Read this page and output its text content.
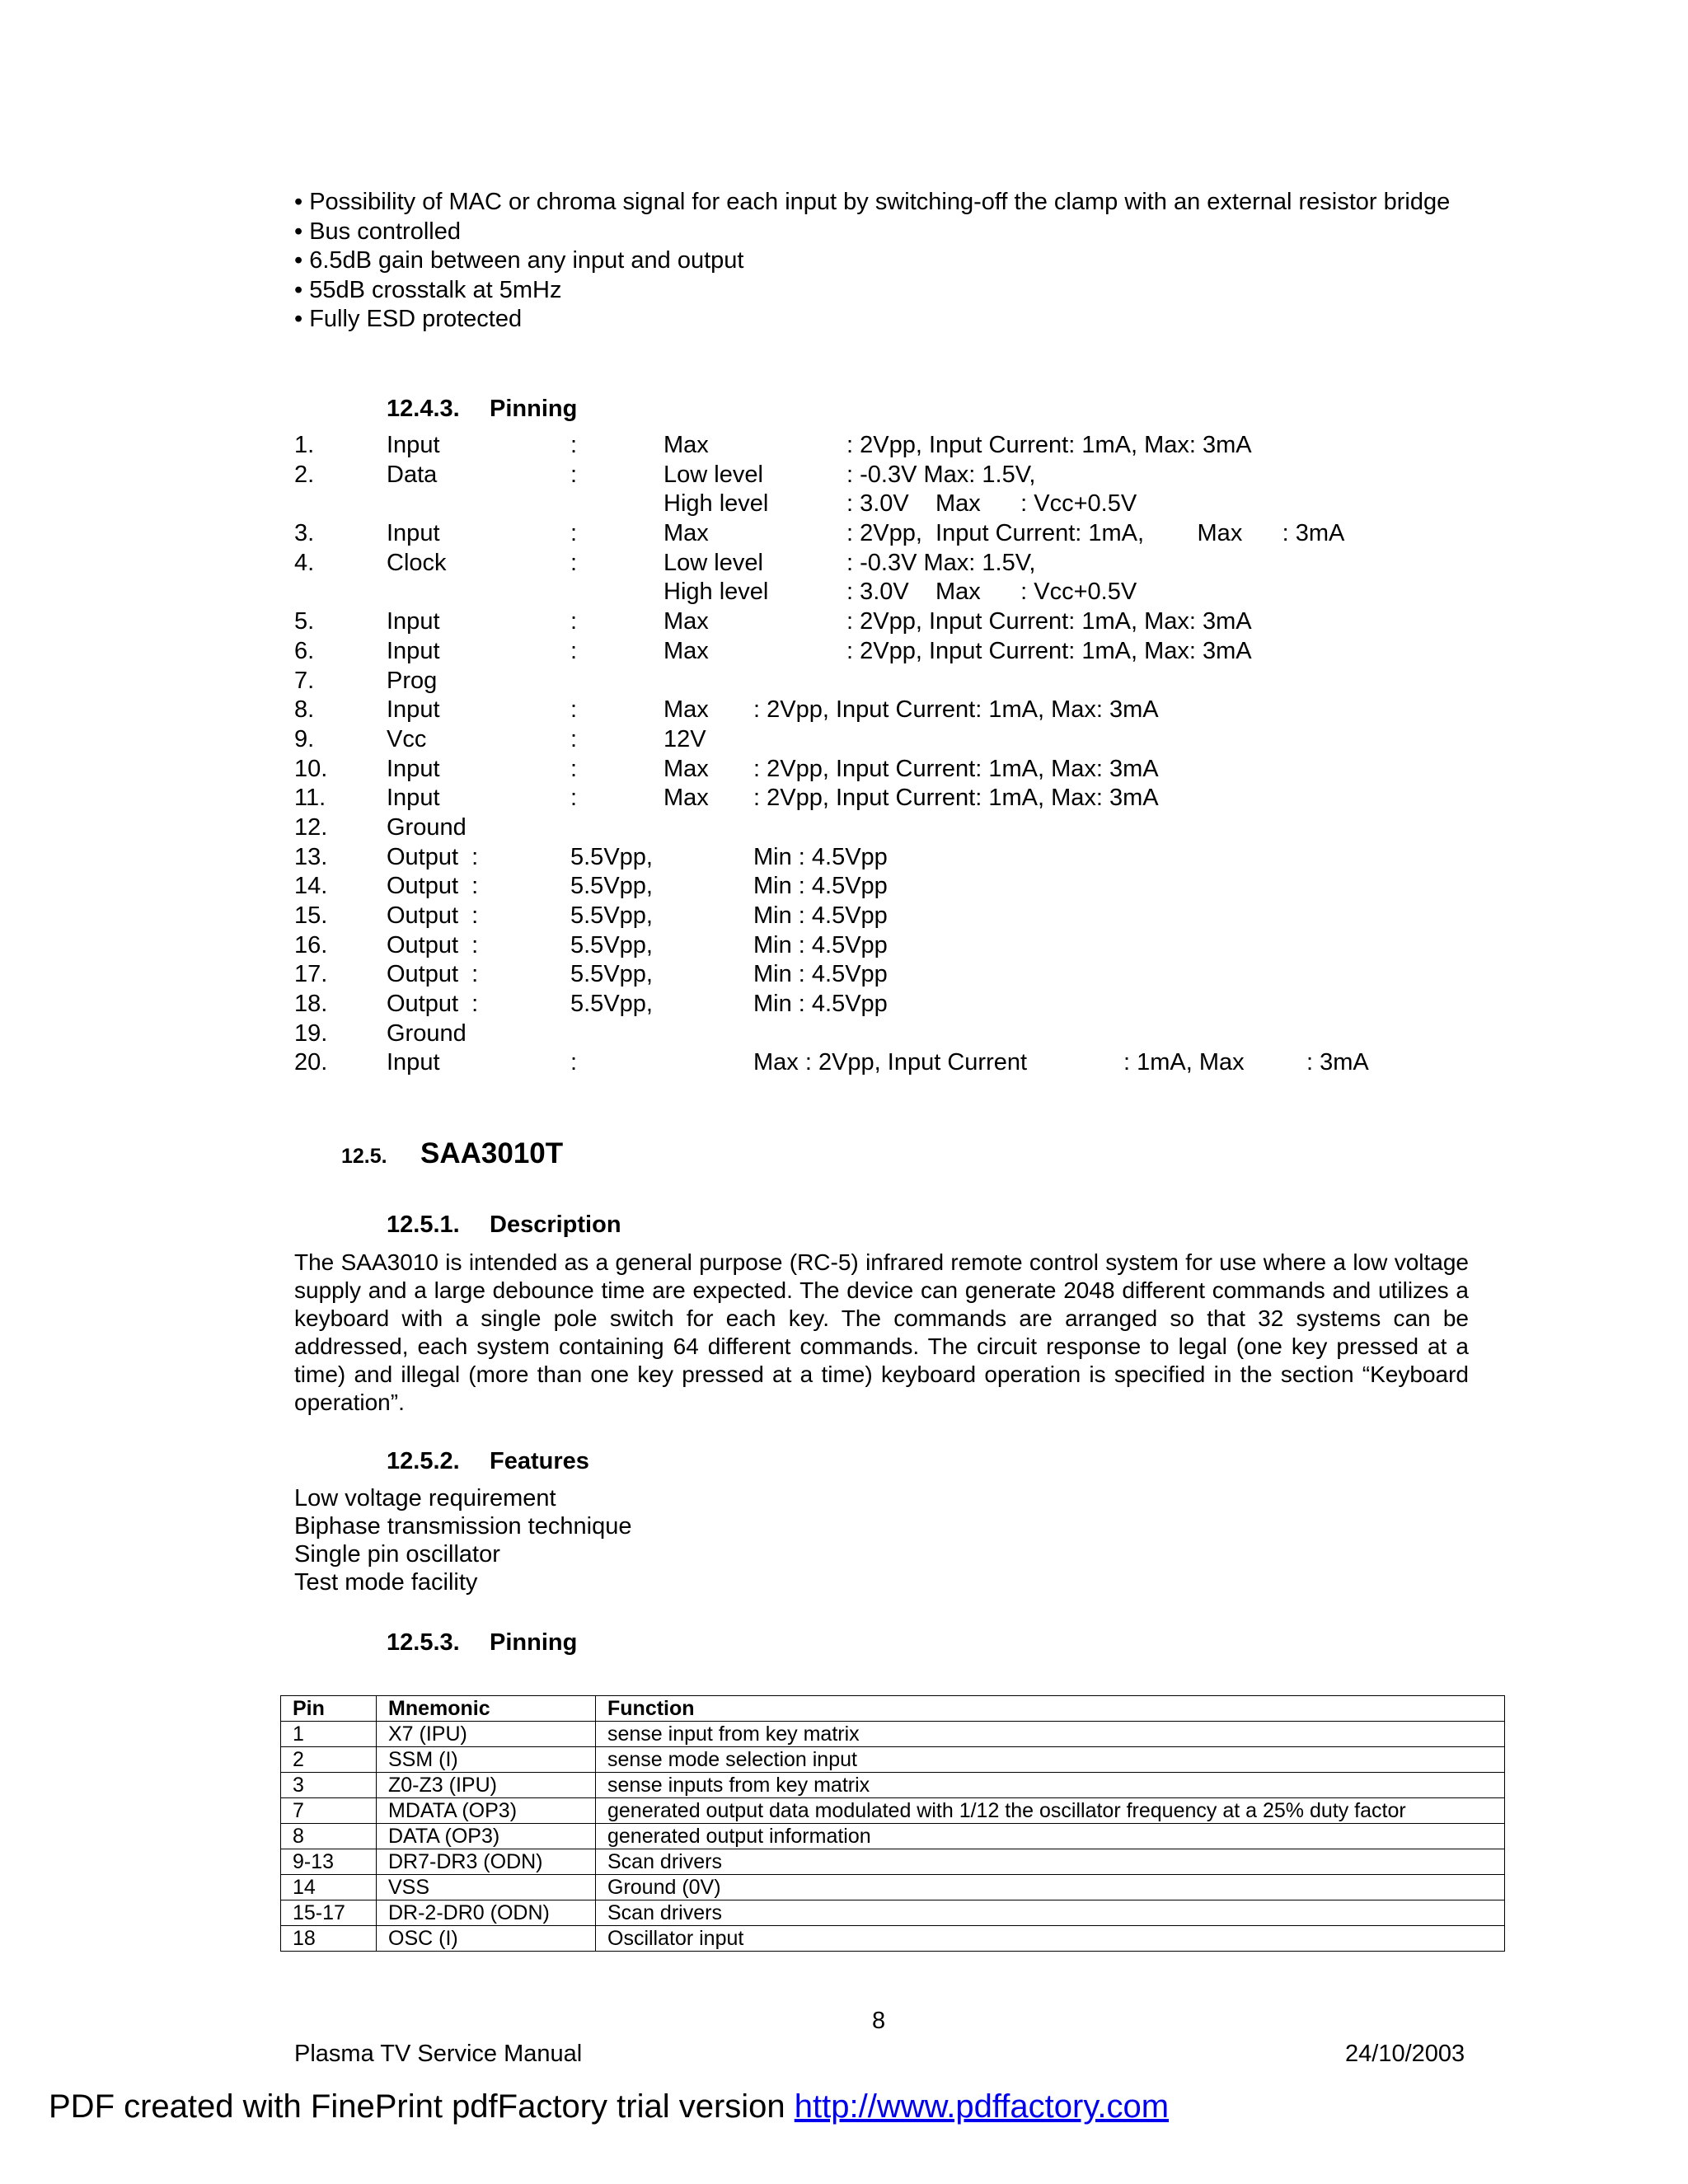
• Possibility of MAC or chroma signal for each input by switching-off the clamp with an external resistor bridge
• Bus controlled
• 6.5dB gain between any input and output
• 55dB crosstalk at 5mHz
• Fully ESD protected
12.4.3. Pinning
1.	Input	:	Max	: 2Vpp, Input Current: 1mA, Max: 3mA
2.	Data	:	Low level	: -0.3V Max: 1.5V,
High level	: 3.0V    Max      : Vcc+0.5V
3.	Input	:	Max	: 2Vpp,  Input Current: 1mA,        Max      : 3mA
4.	Clock	:	Low level	: -0.3V Max: 1.5V,
High level	: 3.0V    Max      : Vcc+0.5V
5.	Input	:	Max	: 2Vpp, Input Current: 1mA, Max: 3mA
6.	Input	:	Max	: 2Vpp, Input Current: 1mA, Max: 3mA
7.	Prog
8.	Input	:	Max : 2Vpp, Input Current: 1mA, Max: 3mA
9.	Vcc	:	12V
10. Input	:	Max : 2Vpp, Input Current: 1mA, Max: 3mA
11.	Input	:	Max : 2Vpp, Input Current: 1mA, Max: 3mA
12. Ground
13. Output  :	5.5Vpp,	Min : 4.5Vpp
14. Output  :	5.5Vpp,	Min : 4.5Vpp
15. Output  :	5.5Vpp,	Min : 4.5Vpp
16. Output  :	5.5Vpp,	Min : 4.5Vpp
17. Output  :	5.5Vpp,	Min : 4.5Vpp
18. Output  :	5.5Vpp,	Min : 4.5Vpp
19. Ground
20. Input	:	Max : 2Vpp, Input Current	: 1mA, Max	: 3mA
12.5. SAA3010T
12.5.1. Description
The SAA3010 is intended as a general purpose (RC-5) infrared remote control system for use where a low voltage supply and a large debounce time are expected. The device can generate 2048 different commands and utilizes a keyboard with a single pole switch for each key. The commands are arranged so that 32 systems can be addressed, each system containing 64 different commands. The circuit response to legal (one key pressed at a time) and illegal (more than one key pressed at a time) keyboard operation is specified in the section “Keyboard operation”.
12.5.2. Features
Low voltage requirement
Biphase transmission technique
Single pin oscillator
Test mode facility
12.5.3. Pinning
Pin	Mnemonic	Function
1	X7 (IPU)	sense input from key matrix
2	SSM (I)	sense mode selection input
3	Z0-Z3 (IPU)	sense inputs from key matrix
7	MDATA (OP3)	generated output data modulated with 1/12 the oscillator frequency at a 25% duty factor
8	DATA (OP3)	generated output information
9-13	DR7-DR3 (ODN)	Scan drivers
14	VSS	Ground (0V)
15-17	DR-2-DR0 (ODN)	Scan drivers
18	OSC (I)	Oscillator input
8
Plasma TV Service Manual	24/10/2003
PDF created with FinePrint pdfFactory trial version http://www.pdffactory.com
